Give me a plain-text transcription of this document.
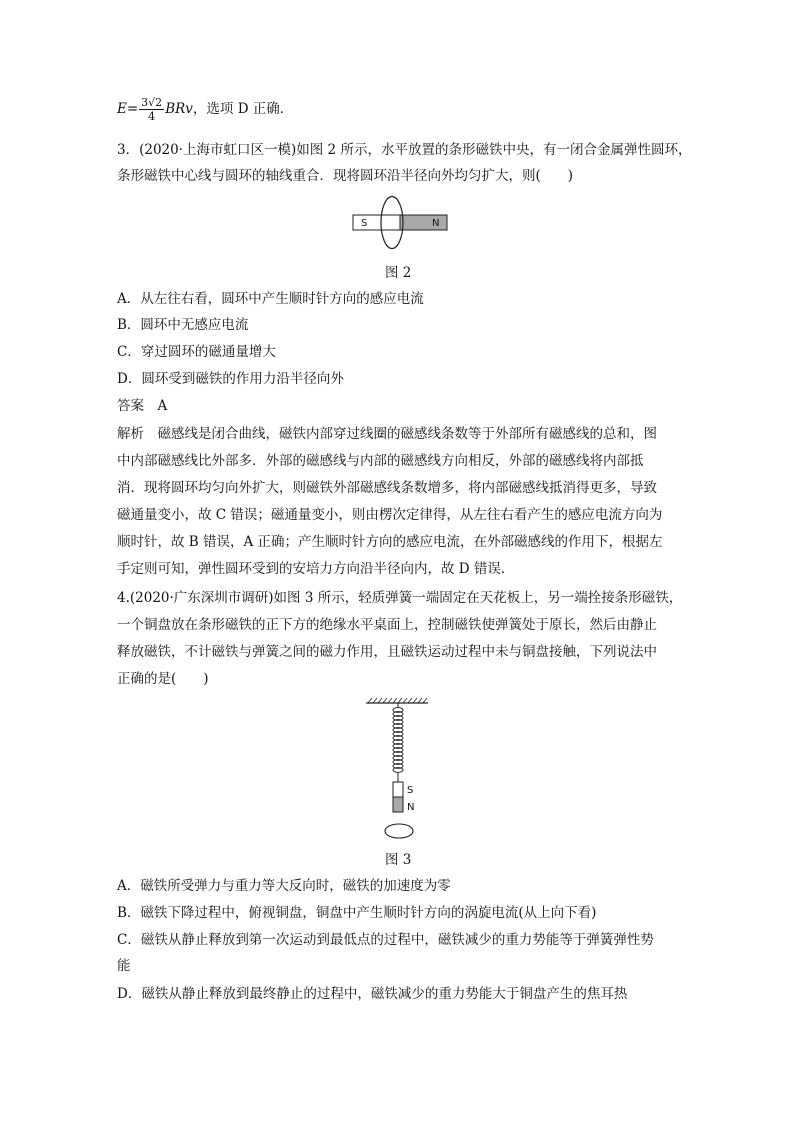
$E= \frac{3√2}{4}$ BRv，选项 D 正确．
3．(2020·上海市虹口区一模)如图 2 所示，水平放置的条形磁铁中央，有一闭合金属弹性圆环，
条形磁铁中心线与圆环的轴线重合．现将圆环沿半径向外均匀扩大，则(　　)
S	N
图 2
A．从左往右看，圆环中产生顺时针方向的感应电流
B．圆环中无感应电流
C．穿过圆环的磁通量增大
D．圆环受到磁铁的作用力沿半径向外
答案　A
解析　磁感线是闭合曲线，磁铁内部穿过线圈的磁感线条数等于外部所有磁感线的总和，图
中内部磁感线比外部多．外部的磁感线与内部的磁感线方向相反，外部的磁感线将内部抵
消．现将圆环均匀向外扩大，则磁铁外部磁感线条数增多，将内部磁感线抵消得更多，导致
磁通量变小，故 C 错误；磁通量变小，则由楞次定律得，从左往右看产生的感应电流方向为
顺时针，故 B 错误，A 正确；产生顺时针方向的感应电流，在外部磁感线的作用下，根据左
手定则可知，弹性圆环受到的安培力方向沿半径向内，故 D 错误．
4.(2020·广东深圳市调研)如图 3 所示，轻质弹簧一端固定在天花板上，另一端拴接条形磁铁，
一个铜盘放在条形磁铁的正下方的绝缘水平桌面上，控制磁铁使弹簧处于原长，然后由静止
释放磁铁，不计磁铁与弹簧之间的磁力作用，且磁铁运动过程中未与铜盘接触，下列说法中
正确的是(　　)
S
N
图 3
A．磁铁所受弹力与重力等大反向时，磁铁的加速度为零
B．磁铁下降过程中，俯视铜盘，铜盘中产生顺时针方向的涡旋电流(从上向下看)
C．磁铁从静止释放到第一次运动到最低点的过程中，磁铁减少的重力势能等于弹簧弹性势
能
D．磁铁从静止释放到最终静止的过程中，磁铁减少的重力势能大于铜盘产生的焦耳热
